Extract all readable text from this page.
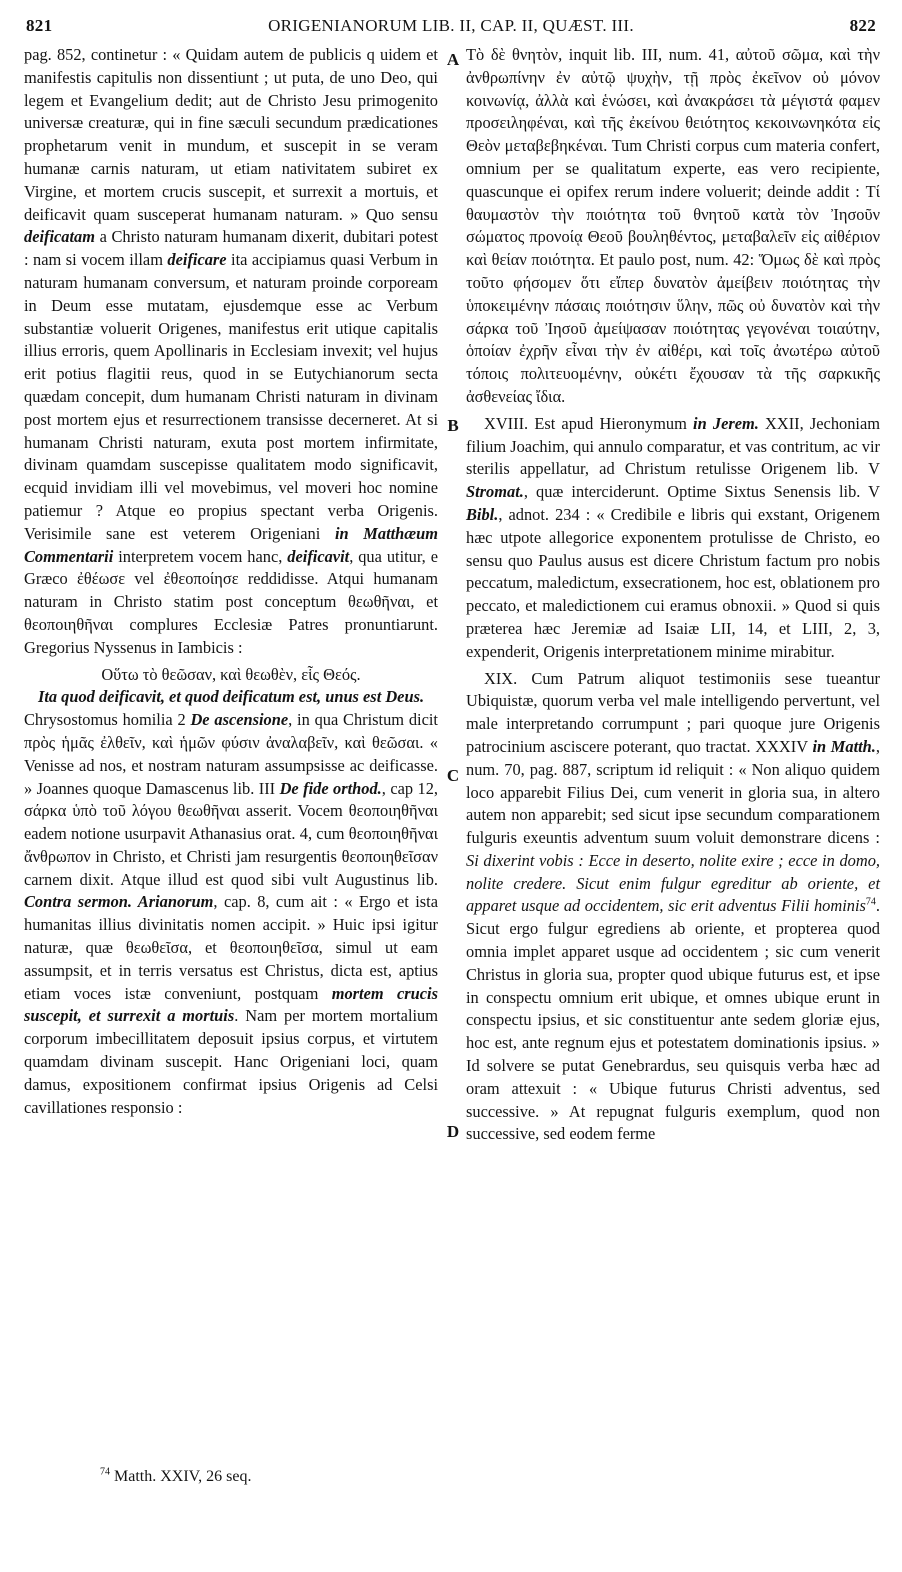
821	ORIGENIANORUM LIB. II, CAP. II, QUÆST. III.	822

pag. 852, continetur : « Quidam autem de publicis q uidem et manifestis capitulis non dissentiunt ; ut puta, de uno Deo, qui legem et Evangelium dedit; aut de Christo Jesu primogenito universæ creaturæ, qui in fine sæculi secundum prædicationes prophetarum venit in mundum, et suscepit in se veram humanæ carnis naturam, ut etiam nativitatem subiret ex Virgine, et mortem crucis suscepit, et surrexit a mortuis, et deificavit quam susceperat humanam naturam. » Quo sensu deificatam a Christo naturam humanam dixerit, dubitari potest : nam si vocem illam deificare ita accipiamus quasi Verbum in naturam humanam conversum, et naturam proinde corpoream in Deum esse mutatam, ejusdemque esse ac Verbum substantiæ voluerit Origenes, manifestus erit utique capitalis illius erroris, quem Apollinaris in Ecclesiam invexit; vel hujus erit potius flagitii reus, quod in se Eutychianorum secta quædam concepit, dum humanam Christi naturam in divinam post mortem ejus et resurrectionem transisse decerneret. At si humanam Christi naturam, exuta post mortem infirmitate, divinam quamdam suscepisse qualitatem modo significavit, ecquid invidiam illi vel movebimus, vel moveri hoc nomine patiemur ? Atque eo propius spectant verba Origenis. Verisimile sane est veterem Origeniani in Matthæum Commentarii interpretem vocem hanc, deificavit, qua utitur, e Græco ἐθέωσε vel ἐθεοποίησε reddidisse. Atqui humanam naturam in Christo statim post conceptum θεωθῆναι, et θεοποιηθῆναι complures Ecclesiæ Patres pronuntiarunt. Gregorius Nyssenus in Iambicis :

Οὕτω τὸ θεῶσαν, καὶ θεωθὲν, εἷς Θεός.

Ita quod deificavit, et quod deificatum est, unus est Deus.

Chrysostomus homilia 2 De ascensione, in qua Christum dicit πρὸς ἡμᾶς ἐλθεῖν, καὶ ἡμῶν φύσιν ἀναλαβεῖν, καὶ θεῶσαι. « Venisse ad nos, et nostram naturam assumpsisse ac deificasse. » Joannes quoque Damascenus lib. III De fide orthod., cap 12, σάρκα ὑπὸ τοῦ λόγου θεωθῆναι asserit. Vocem θεοποιηθῆναι eadem notione usurpavit Athanasius orat. 4, cum θεοποιηθῆναι ἄνθρωπον in Christo, et Christi jam resurgentis θεοποιηθεῖσαν carnem dixit. Atque illud est quod sibi vult Augustinus lib. Contra sermon. Arianorum, cap. 8, cum ait : « Ergo et ista humanitas illius divinitatis nomen accipit. » Huic ipsi igitur naturæ, quæ θεωθεῖσα, et θεοποιηθεῖσα, simul ut eam assumpsit, et in terris versatus est Christus, dicta est, aptius etiam voces istæ conveniunt, postquam mortem crucis suscepit, et surrexit a mortuis. Nam per mortem mortalium corporum imbecillitatem deposuit ipsius corpus, et virtutem quamdam divinam suscepit. Hanc Origeniani loci, quam damus, expositionem confirmat ipsius Origenis ad Celsi cavillationes responsio :

A
B
C
D

Τὸ δὲ θνητὸν, inquit lib. III, num. 41, αὐτοῦ σῶμα, καὶ τὴν ἀνθρωπίνην ἐν αὐτῷ ψυχὴν, τῇ πρὸς ἐκεῖνον οὐ μόνον κοινωνίᾳ, ἀλλὰ καὶ ἑνώσει, καὶ ἀνακράσει τὰ μέγιστά φαμεν προσειληφέναι, καὶ τῆς ἐκείνου θειότητος κεκοινωνηκότα εἰς Θεὸν μεταβεβηκέναι. Tum Christi corpus cum materia confert, omnium per se qualitatum experte, eas vero recipiente, quascunque ei opifex rerum indere voluerit; deinde addit : Τί θαυμαστὸν τὴν ποιότητα τοῦ θνητοῦ κατὰ τὸν Ἰησοῦν σώματος προνοίᾳ Θεοῦ βουληθέντος, μεταβαλεῖν εἰς αἰθέριον καὶ θείαν ποιότητα. Et paulo post, num. 42: Ὅμως δὲ καὶ πρὸς τοῦτο φήσομεν ὅτι εἴπερ δυνατὸν ἀμείβειν ποιότητας τὴν ὑποκειμένην πάσαις ποιότησιν ὕλην, πῶς οὐ δυνατὸν καὶ τὴν σάρκα τοῦ Ἰησοῦ ἀμείψασαν ποιότητας γεγονέναι τοιαύτην, ὁποίαν ἐχρῆν εἶναι τὴν ἐν αἰθέρι, καὶ τοῖς ἀνωτέρω αὐτοῦ τόποις πολιτευομένην, οὐκέτι ἔχουσαν τὰ τῆς σαρκικῆς ἀσθενείας ἴδια.

XVIII. Est apud Hieronymum in Jerem. XXII, Jechoniam filium Joachim, qui annulo comparatur, et vas contritum, ac vir sterilis appellatur, ad Christum retulisse Origenem lib. V Stromat., quæ interciderunt. Optime Sixtus Senensis lib. V Bibl., adnot. 234 : « Credibile e libris qui exstant, Origenem hæc utpote allegorice exponentem protulisse de Christo, eo sensu quo Paulus ausus est dicere Christum factum pro nobis peccatum, maledictum, exsecrationem, hoc est, oblationem pro peccato, et maledictionem cui eramus obnoxii. » Quod si quis præterea hæc Jeremiæ ad Isaiæ LII, 14, et LIII, 2, 3, expenderit, Origenis interpretationem minime mirabitur.

XIX. Cum Patrum aliquot testimoniis sese tueantur Ubiquistæ, quorum verba vel male intelligendo pervertunt, vel male interpretando corrumpunt ; pari quoque jure Origenis patrocinium asciscere poterant, quo tractat. XXXIV in Matth., num. 70, pag. 887, scriptum id reliquit : « Non aliquo quidem loco apparebit Filius Dei, cum venerit in gloria sua, in altero autem non apparebit; sed sicut ipse secundum comparationem fulguris exeuntis adventum suum voluit demonstrare dicens : Si dixerint vobis : Ecce in deserto, nolite exire ; ecce in domo, nolite credere. Sicut enim fulgur egreditur ab oriente, et apparet usque ad occidentem, sic erit adventus Filii hominis$^{74}$. Sicut ergo fulgur egrediens ab oriente, et propterea quod omnia implet apparet usque ad occidentem ; sic cum venerit Christus in gloria sua, propter quod ubique futurus est, et ipse in conspectu omnium erit ubique, et omnes ubique erunt in conspectu ipsius, et sic constituentur ante sedem gloriæ ejus, hoc est, ante regnum ejus et potestatem dominationis ipsius. » Id solvere se putat Genebrardus, seu quisquis verba hæc ad oram attexuit : « Ubique futurus Christi adventus, sed successive. » At repugnat fulguris exemplum, quod non successive, sed eodem ferme

$^{74}$ Matth. XXIV, 26 seq.
